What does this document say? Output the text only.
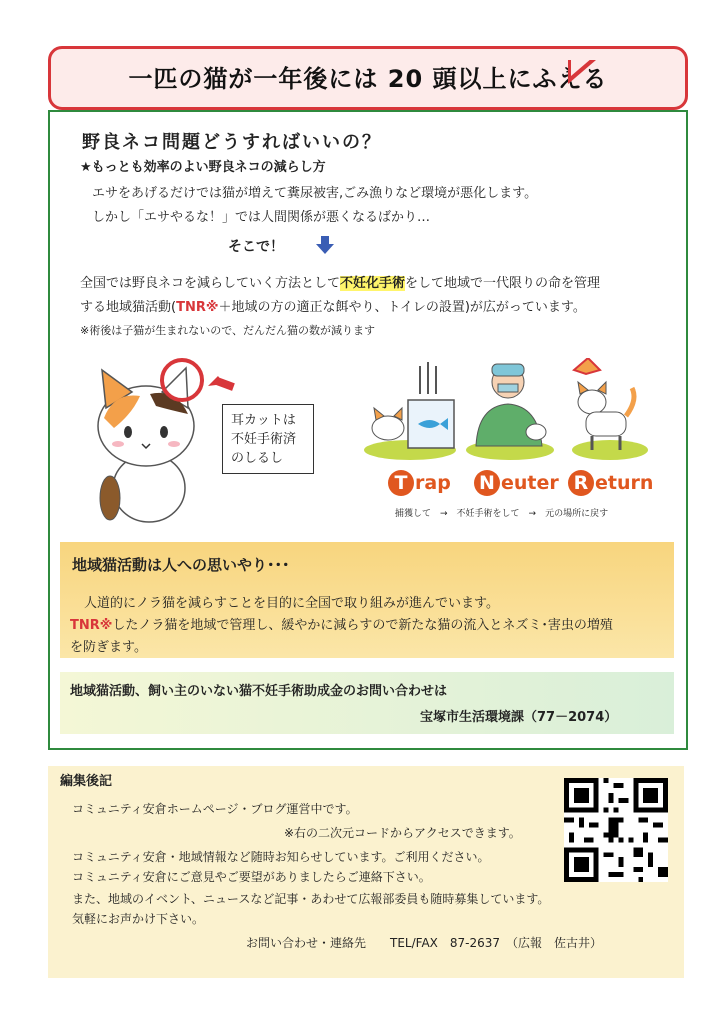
一匹の猫が一年後には 20 頭以上にふえる
野良ネコ問題どうすればいいの？
★もっとも効率のよい野良ネコの減らし方
エサをあげるだけでは猫が増えて糞尿被害,ごみ漁りなど環境が悪化します。
しかし「エサやるな！」では人間関係が悪くなるばかり…
そこで！
全国では野良ネコを減らしていく方法として不妊化手術をして地域で一代限りの命を管理
する地域猫活動(TNR※＋地域の方の適正な餌やり、トイレの設置)が広がっています。
※術後は子猫が生まれないので、だんだん猫の数が減ります
耳カットは
不妊手術済
のしるし
T rap N euter R eturn
捕獲して　→　不妊手術をして　→　元の場所に戻す
地域猫活動は人への思いやり･･･
人道的にノラ猫を減らすことを目的に全国で取り組みが進んでいます。
TNR※したノラ猫を地域で管理し、緩やかに減らすので新たな猫の流入とネズミ･害虫の増殖
を防ぎます。
地域猫活動、飼い主のいない猫不妊手術助成金のお問い合わせは
宝塚市生活環境課（77－2074）
編集後記
コミュニティ安倉ホームページ・ブログ運営中です。
※右の二次元コードからアクセスできます。
コミュニティ安倉・地域情報など随時お知らせしています。ご利用ください。
コミュニティ安倉にご意見やご要望がありましたらご連絡下さい。
また、地域のイベント、ニュースなど記事・あわせて広報部委員も随時募集しています。
気軽にお声かけ下さい。
お問い合わせ・連絡先　　TEL/FAX　87-2637　（広報　佐古井）
